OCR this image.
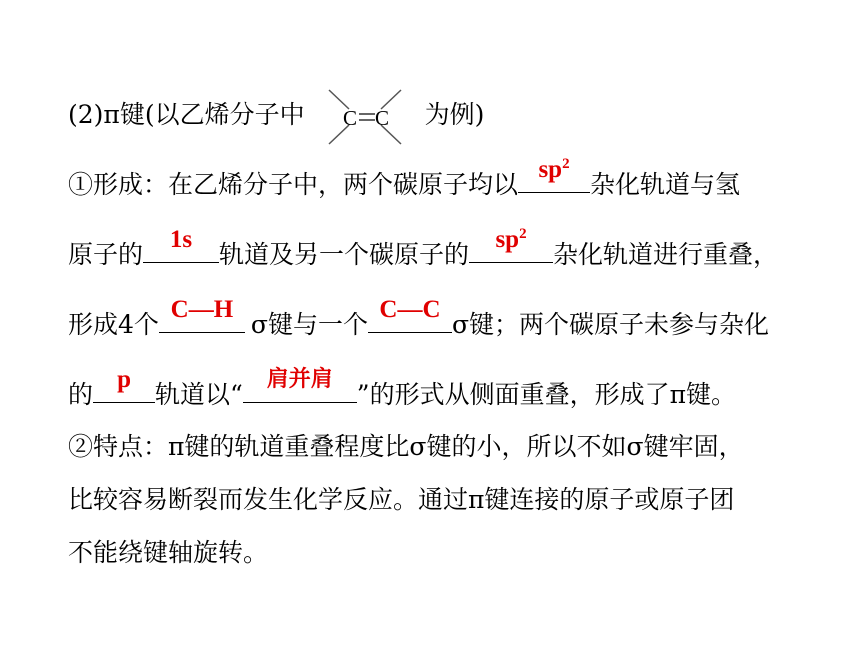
(2)π键(以乙烯分子中 C C 为例)
①形成：在乙烯分子中，两个碳原子均以
$sp^2$
杂化轨道与氢
原子的
1s
轨道及另一个碳原子的
$sp^2$
杂化轨道进行重叠，
形成4个
C—H
σ键与一个
C—C
σ键；两个碳原子未参与杂化
的
p
轨道以“
肩并肩
”的形式从侧面重叠，形成了π键。
②特点：π键的轨道重叠程度比σ键的小，所以不如σ键牢固，
比较容易断裂而发生化学反应。通过π键连接的原子或原子团
不能绕键轴旋转。
